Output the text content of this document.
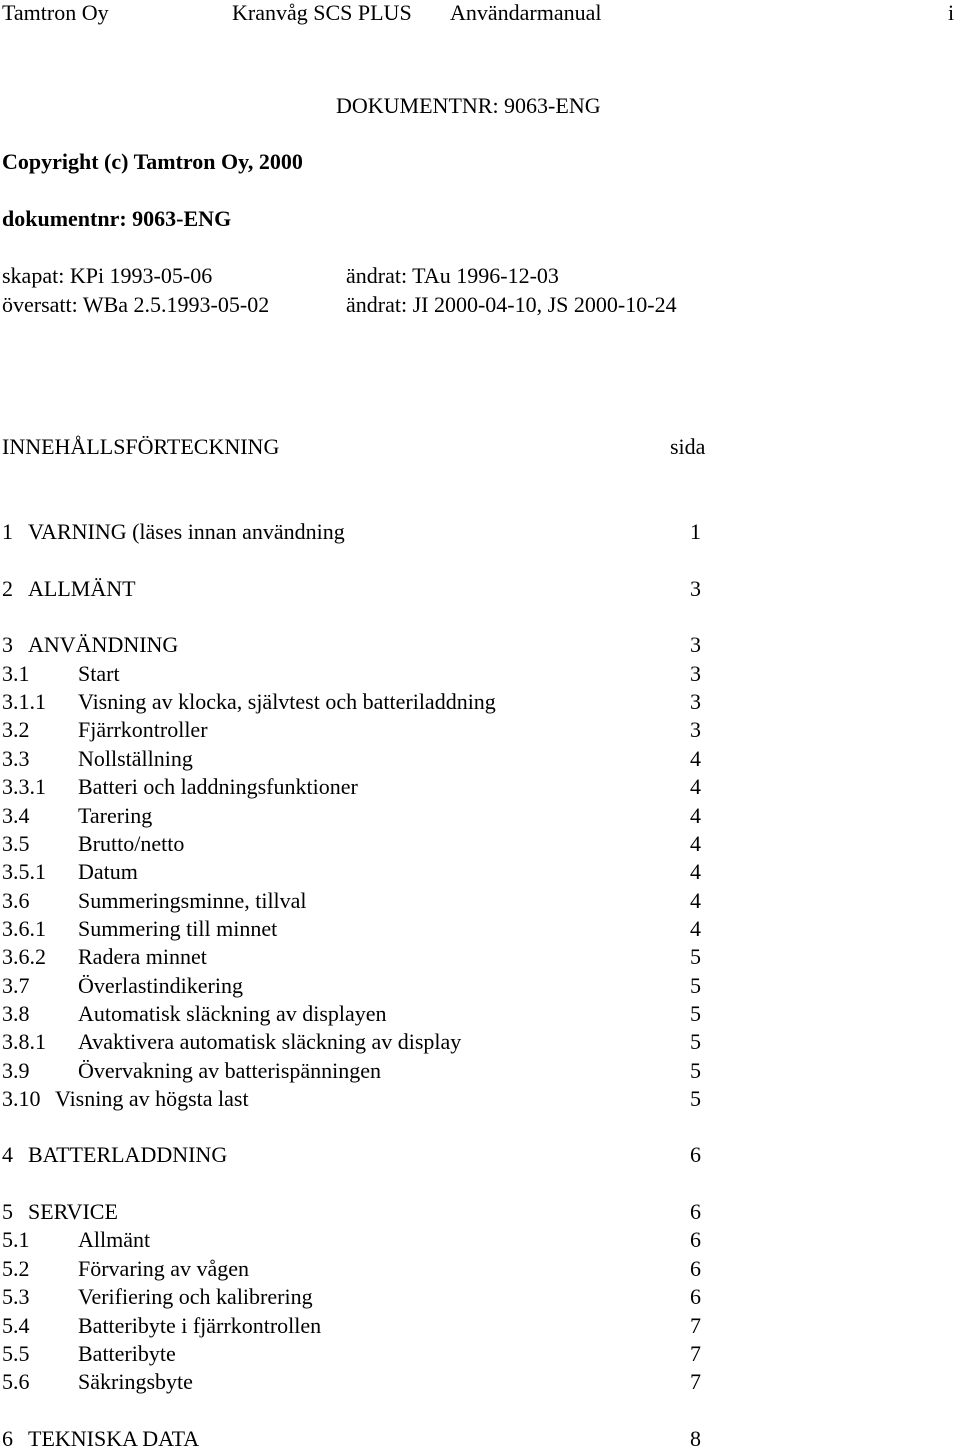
Tamtron Oy	Kranvåg SCS PLUS Användarmanual	i
DOKUMENTNR: 9063-ENG
Copyright (c) Tamtron Oy, 2000
dokumentnr: 9063-ENG
skapat: KPi 1993-05-06	ändrat: TAu 1996-12-03
översatt: WBa 2.5.1993-05-02	ändrat: JI 2000-04-10, JS 2000-10-24
INNEHÅLLSFÖRTECKNING	sida
1 VARNING (läses innan användning	1
2 ALLMÄNT	3
3 ANVÄNDNING	3
3.1 Start	3
3.1.1 Visning av klocka, självtest och batteriladdning	3
3.2 Fjärrkontroller	3
3.3 Nollställning	4
3.3.1 Batteri och laddningsfunktioner	4
3.4 Tarering	4
3.5 Brutto/netto	4
3.5.1 Datum	4
3.6 Summeringsminne, tillval	4
3.6.1 Summering till minnet	4
3.6.2 Radera minnet	5
3.7 Överlastindikering	5
3.8 Automatisk släckning av displayen	5
3.8.1 Avaktivera automatisk släckning av display	5
3.9 Övervakning av batterispänningen	5
3.10 Visning av högsta last	5
4 BATTERLADDNING	6
5 SERVICE	6
5.1 Allmänt	6
5.2 Förvaring av vågen	6
5.3 Verifiering och kalibrering	6
5.4 Batteribyte i fjärrkontrollen	7
5.5 Batteribyte	7
5.6 Säkringsbyte	7
6 TEKNISKA DATA	8
